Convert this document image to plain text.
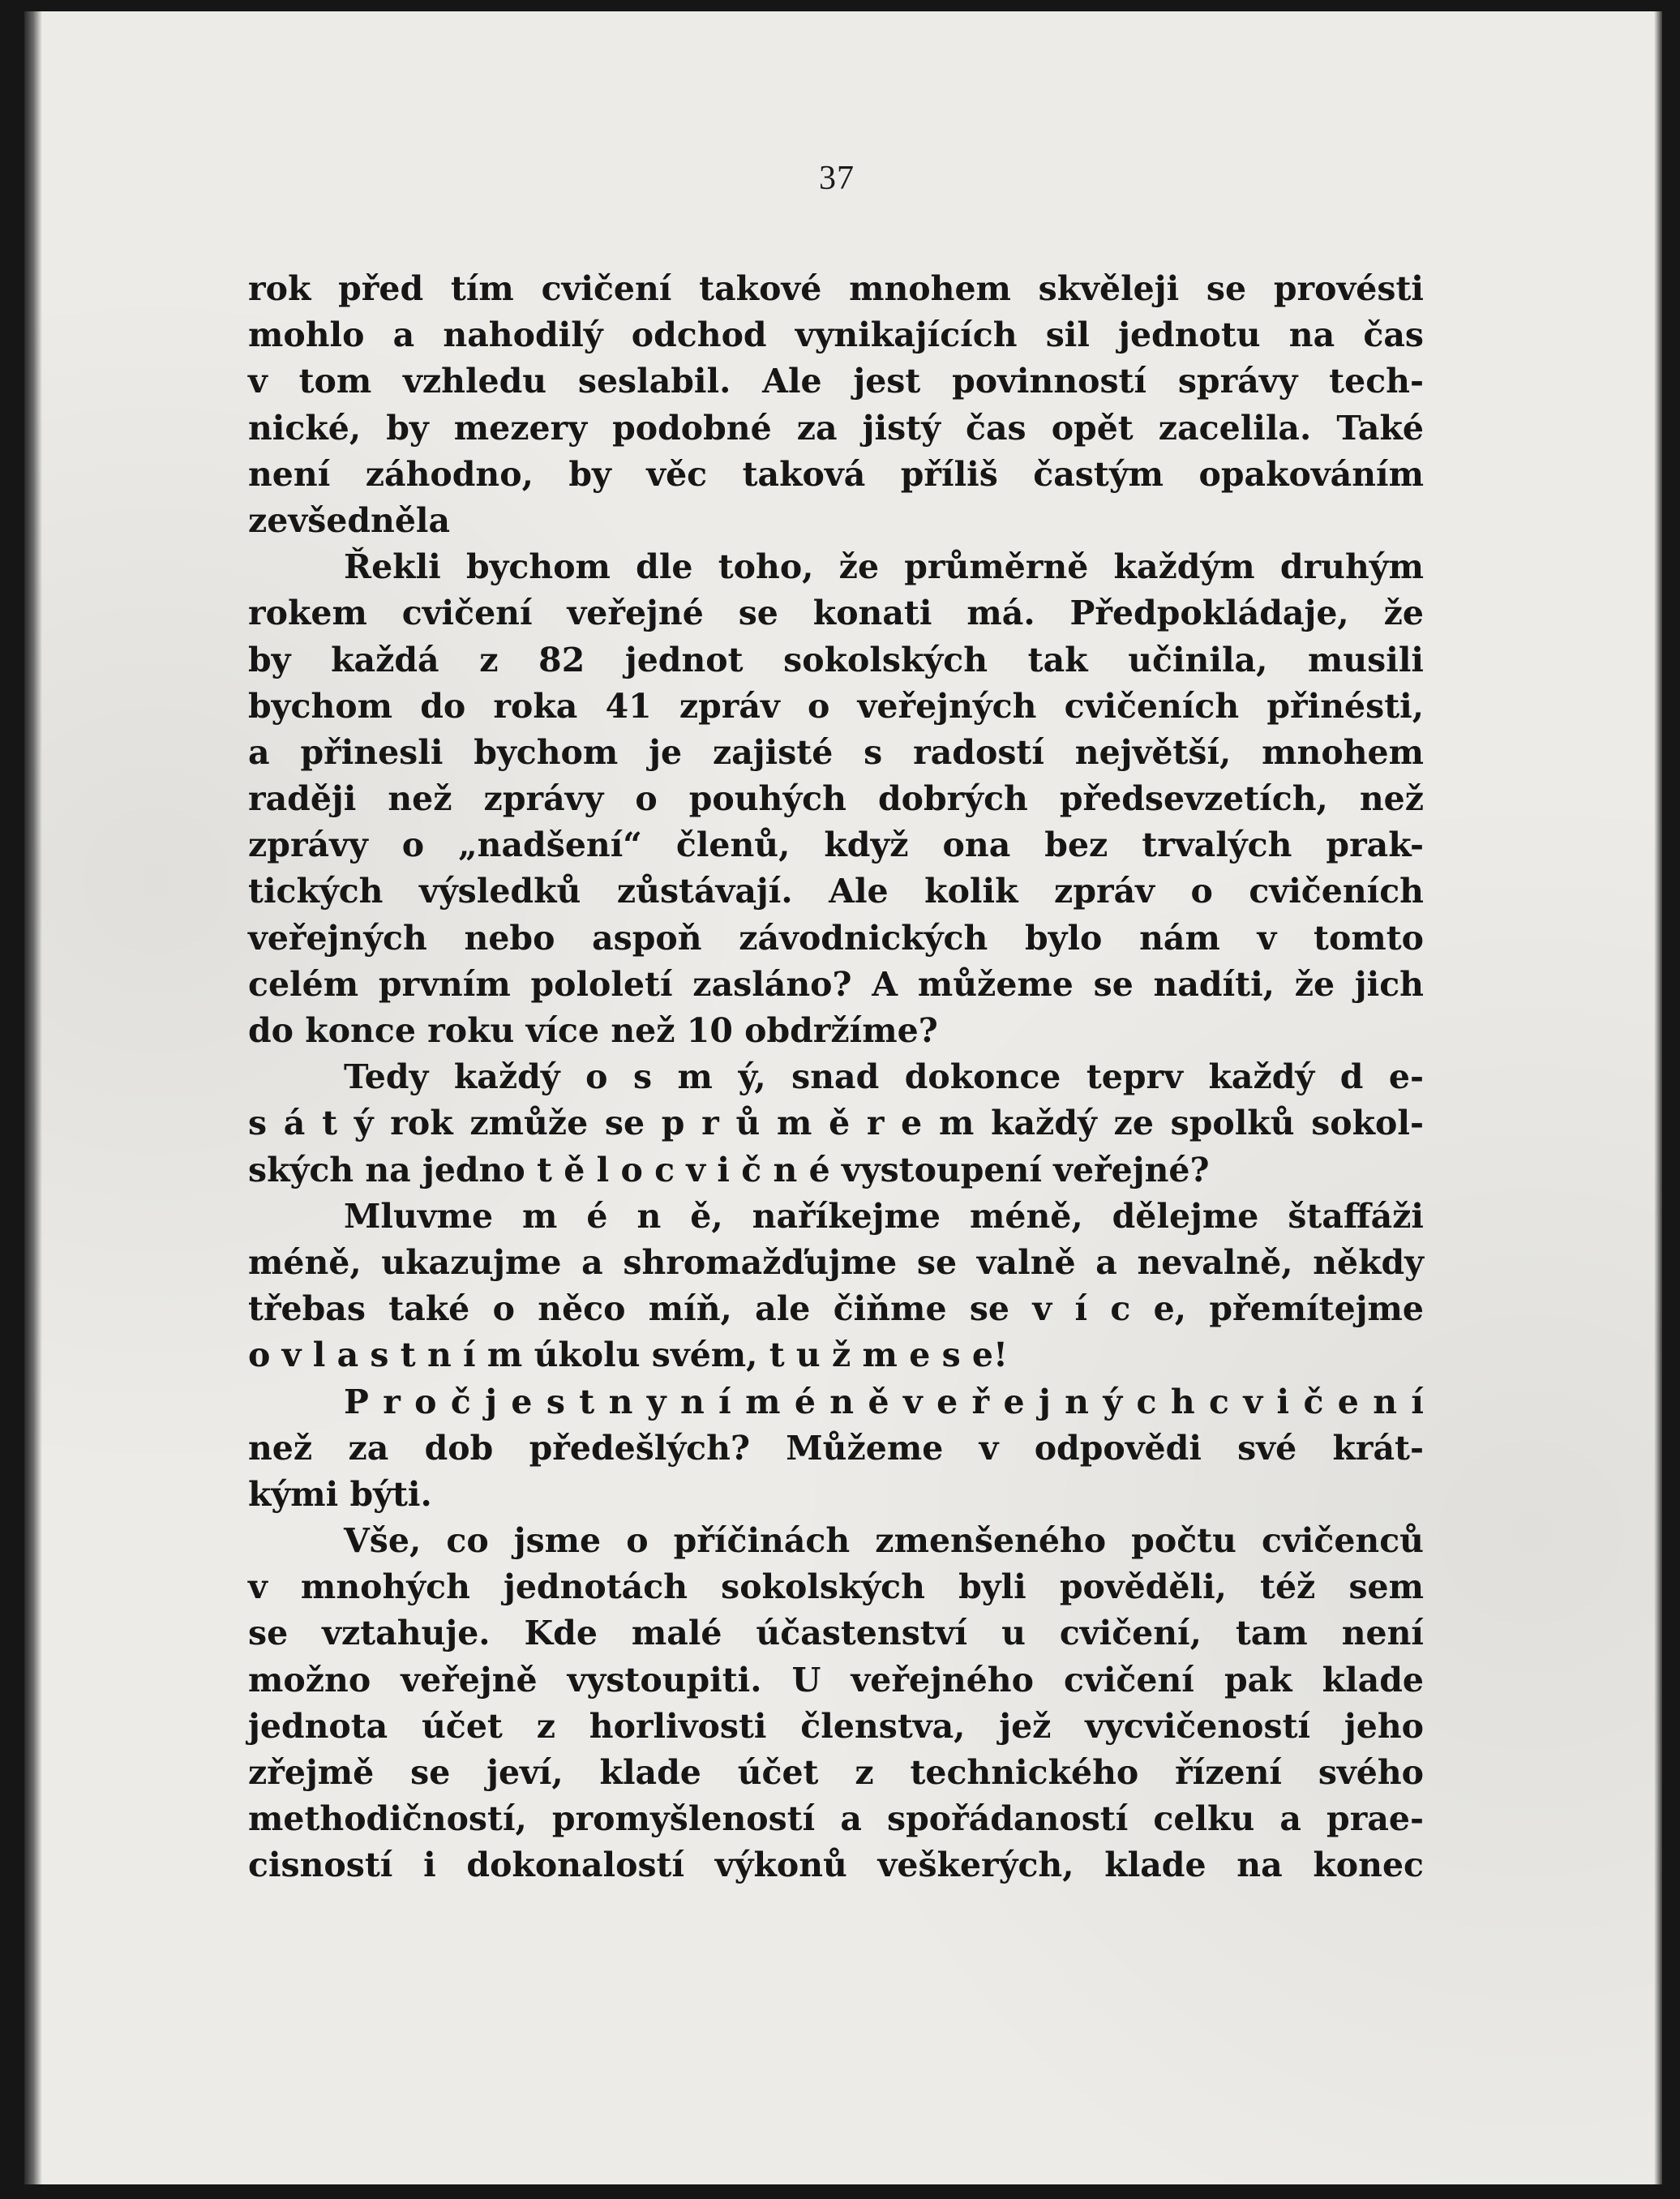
37
rok před tím cvičení takové mnohem skvěleji se provésti
mohlo a nahodilý odchod vynikajících sil jednotu na čas
v tom vzhledu seslabil. Ale jest povinností správy tech-
nické, by mezery podobné za jistý čas opět zacelila. Také
není záhodno, by věc taková příliš častým opakováním
zevšedněla
Řekli bychom dle toho, že průměrně každým druhým
rokem cvičení veřejné se konati má. Předpokládaje, že
by každá z 82 jednot sokolských tak učinila, musili
bychom do roka 41 zpráv o veřejných cvičeních přinésti,
a přinesli bychom je zajisté s radostí největší, mnohem
raději než zprávy o pouhých dobrých předsevzetích, než
zprávy o „nadšení“ členů, když ona bez trvalých prak-
tických výsledků zůstávají. Ale kolik zpráv o cvičeních
veřejných nebo aspoň závodnických bylo nám v tomto
celém prvním pololetí zasláno? A můžeme se nadíti, že jich
do konce roku více než 10 obdržíme?
Tedy každý o s m ý, snad dokonce teprv každý d e-
s á t ý rok zmůže se p r ů m ě r e m každý ze spolků sokol-
ských na jedno t ě l o c v i č n é vystoupení veřejné?
Mluvme m é n ě, naříkejme méně, dělejme štaffáži
méně, ukazujme a shromažďujme se valně a nevalně, někdy
třebas také o něco míň, ale čiňme se v í c e, přemítejme
o v l a s t n í m úkolu svém, t u ž m e s e!
P r o č j e s t n y n í m é n ě v e ř e j n ý c h c v i č e n í
než za dob předešlých? Můžeme v odpovědi své krát-
kými býti.
Vše, co jsme o příčinách zmenšeného počtu cvičenců
v mnohých jednotách sokolských byli pověděli, též sem
se vztahuje. Kde malé účastenství u cvičení, tam není
možno veřejně vystoupiti. U veřejného cvičení pak klade
jednota účet z horlivosti členstva, jež vycvičeností jeho
zřejmě se jeví, klade účet z technického řízení svého
methodičností, promyšleností a spořádaností celku a prae-
cisností i dokonalostí výkonů veškerých, klade na konec
